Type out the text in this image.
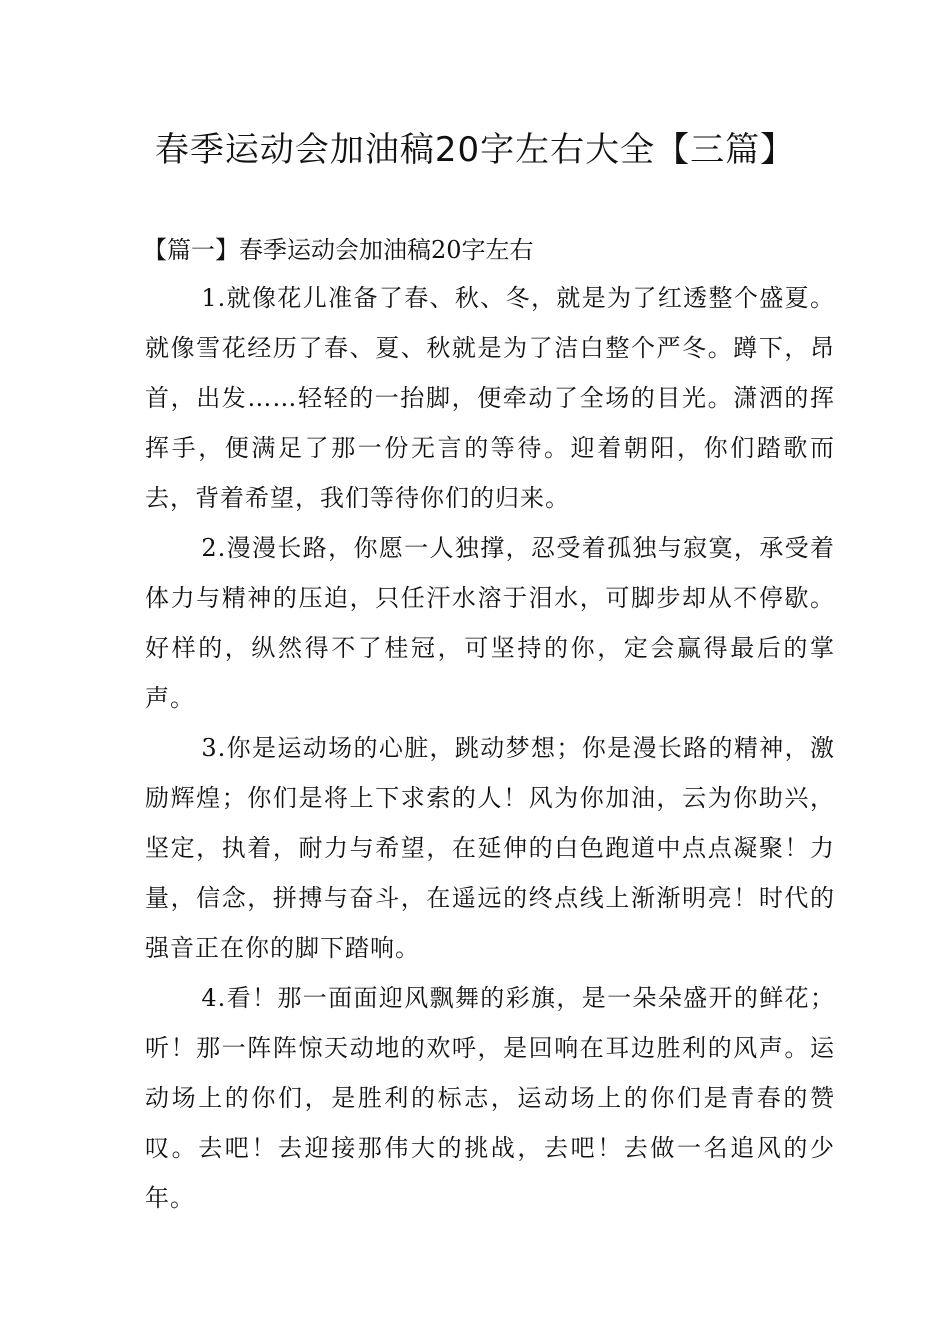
春季运动会加油稿20字左右大全【三篇】

【篇一】春季运动会加油稿20字左右

1.就像花儿准备了春、秋、冬，就是为了红透整个盛夏。就像雪花经历了春、夏、秋就是为了洁白整个严冬。蹲下，昂首，出发……轻轻的一抬脚，便牵动了全场的目光。潇洒的挥挥手，便满足了那一份无言的等待。迎着朝阳，你们踏歌而去，背着希望，我们等待你们的归来。

2.漫漫长路，你愿一人独撑，忍受着孤独与寂寞，承受着体力与精神的压迫，只任汗水溶于泪水，可脚步却从不停歇。好样的，纵然得不了桂冠，可坚持的你，定会赢得最后的掌声。

3.你是运动场的心脏，跳动梦想；你是漫长路的精神，激励辉煌；你们是将上下求索的人！风为你加油，云为你助兴，坚定，执着，耐力与希望，在延伸的白色跑道中点点凝聚！力量，信念，拼搏与奋斗，在遥远的终点线上渐渐明亮！时代的强音正在你的脚下踏响。

4.看！那一面面迎风飘舞的彩旗，是一朵朵盛开的鲜花；听！那一阵阵惊天动地的欢呼，是回响在耳边胜利的风声。运动场上的你们，是胜利的标志，运动场上的你们是青春的赞叹。去吧！去迎接那伟大的挑战，去吧！去做一名追风的少年。
